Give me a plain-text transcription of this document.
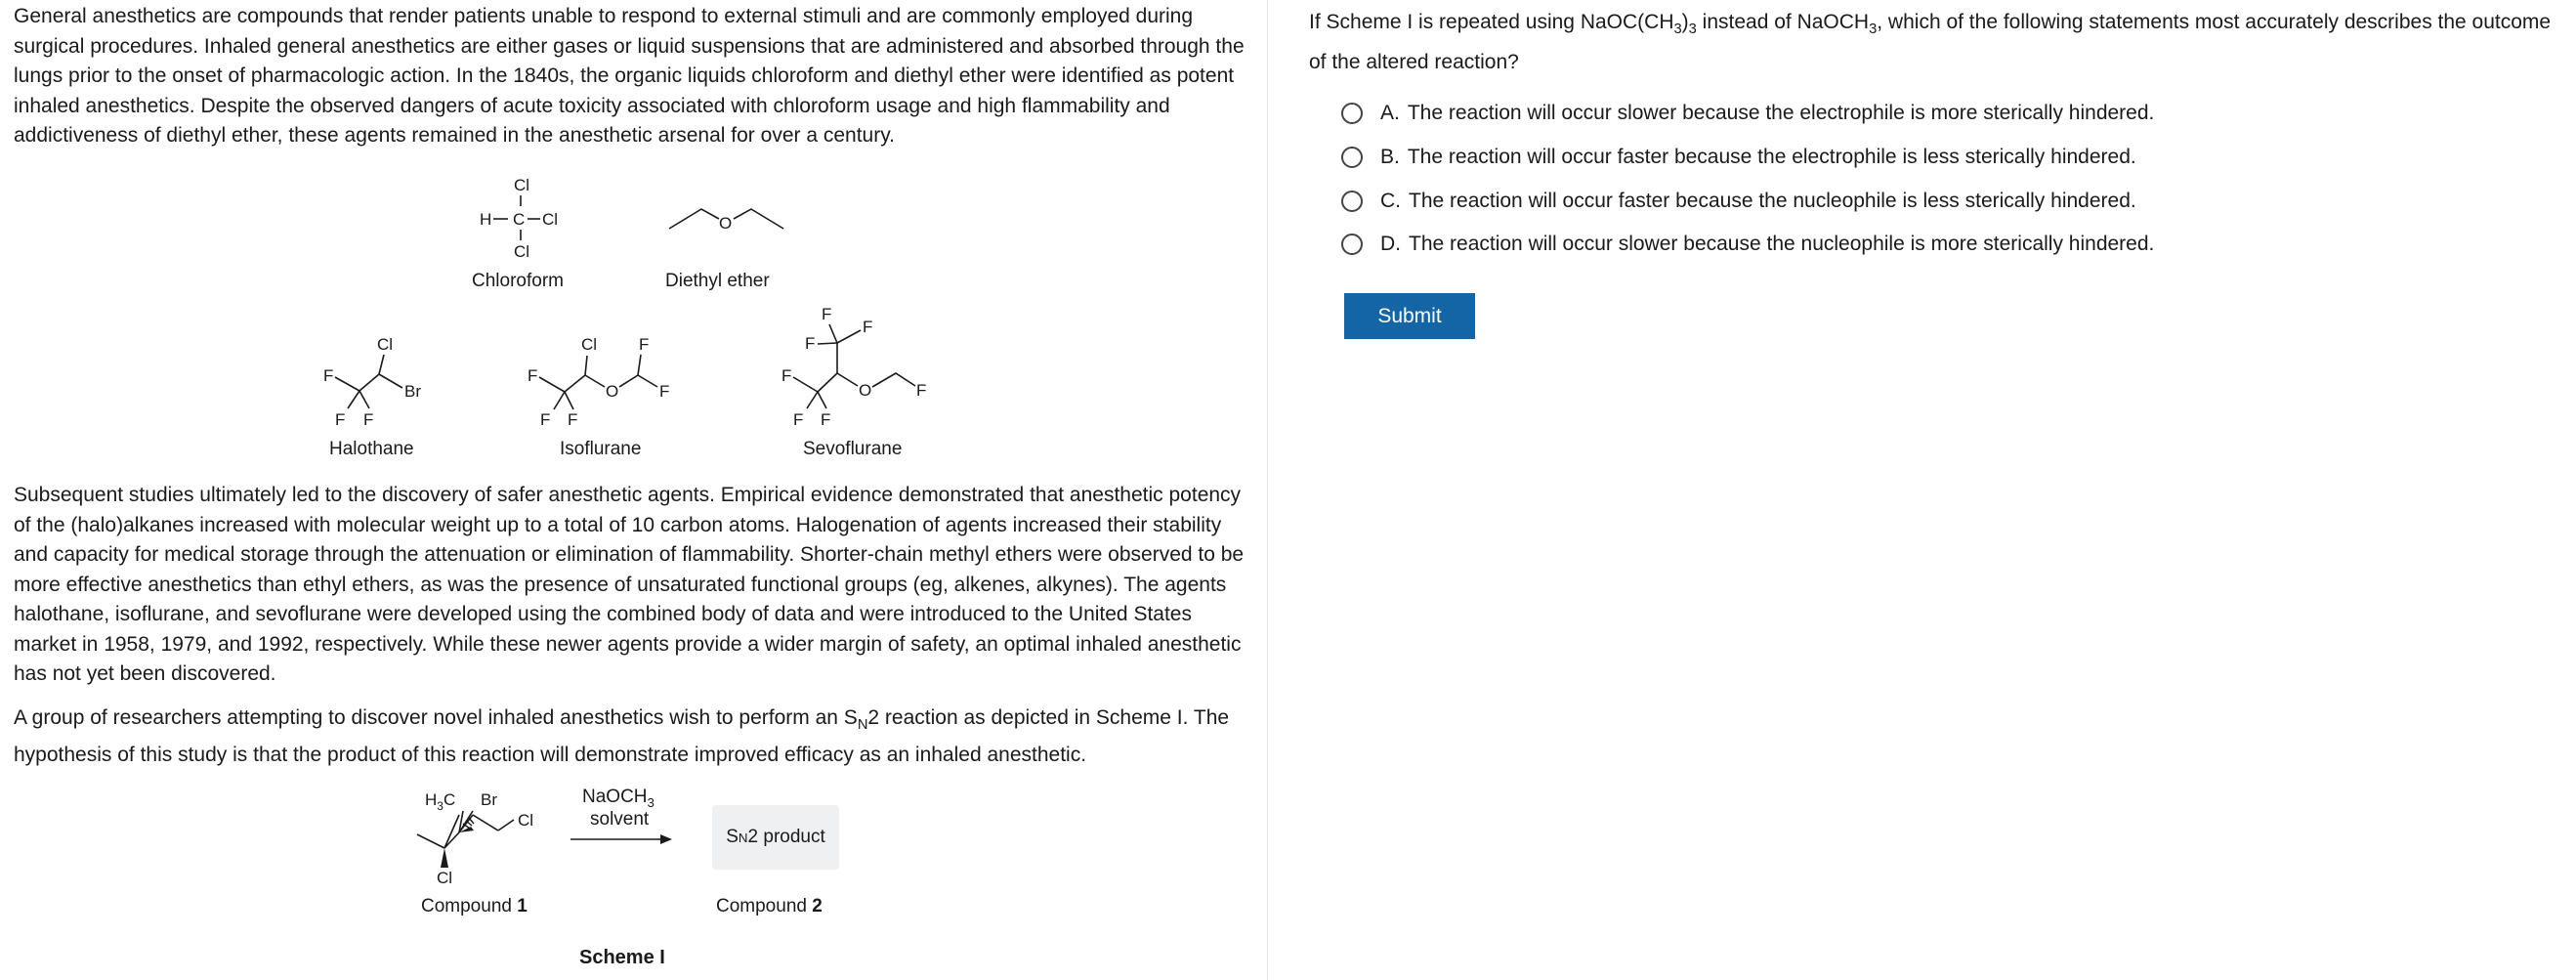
General anesthetics are compounds that render patients unable to respond to external stimuli and are commonly employed during surgical procedures. Inhaled general anesthetics are either gases or liquid suspensions that are administered and absorbed through the lungs prior to the onset of pharmacologic action. In the 1840s, the organic liquids chloroform and diethyl ether were identified as potent inhaled anesthetics. Despite the observed dangers of acute toxicity associated with chloroform usage and high flammability and addictiveness of diethyl ether, these agents remained in the anesthetic arsenal for over a century.

Cl
H C Cl
Cl
Chloroform
O
Diethyl ether
Cl
F
Br
F F
Halothane
Cl	F
F
O F
F F
Isoflurane
F
F
F
F
O	F
F F
Sevoflurane

Subsequent studies ultimately led to the discovery of safer anesthetic agents. Empirical evidence demonstrated that anesthetic potency of the (halo)alkanes increased with molecular weight up to a total of 10 carbon atoms. Halogenation of agents increased their stability and capacity for medical storage through the attenuation or elimination of flammability. Shorter-chain methyl ethers were observed to be more effective anesthetics than ethyl ethers, as was the presence of unsaturated functional groups (eg, alkenes, alkynes). The agents halothane, isoflurane, and sevoflurane were developed using the combined body of data and were introduced to the United States market in 1958, 1979, and 1992, respectively. While these newer agents provide a wider margin of safety, an optimal inhaled anesthetic has not yet been discovered.

A group of researchers attempting to discover novel inhaled anesthetics wish to perform an $S_N2$ reaction as depicted in Scheme I. The hypothesis of this study is that the product of this reaction will demonstrate improved efficacy as an inhaled anesthetic.

$H_3C$ Br
Cl
Cl
Compound 1
NaOCH$_3$
solvent
S N 2 product
Compound 2
Scheme I

If Scheme I is repeated using $NaOC(CH_3)_3$ instead of NaOCH$_3$, which of the following statements most accurately describes the outcome of the altered reaction?

A. The reaction will occur slower because the electrophile is more sterically hindered.
B. The reaction will occur faster because the electrophile is less sterically hindered.
C. The reaction will occur faster because the nucleophile is less sterically hindered.
D. The reaction will occur slower because the nucleophile is more sterically hindered.
Submit
